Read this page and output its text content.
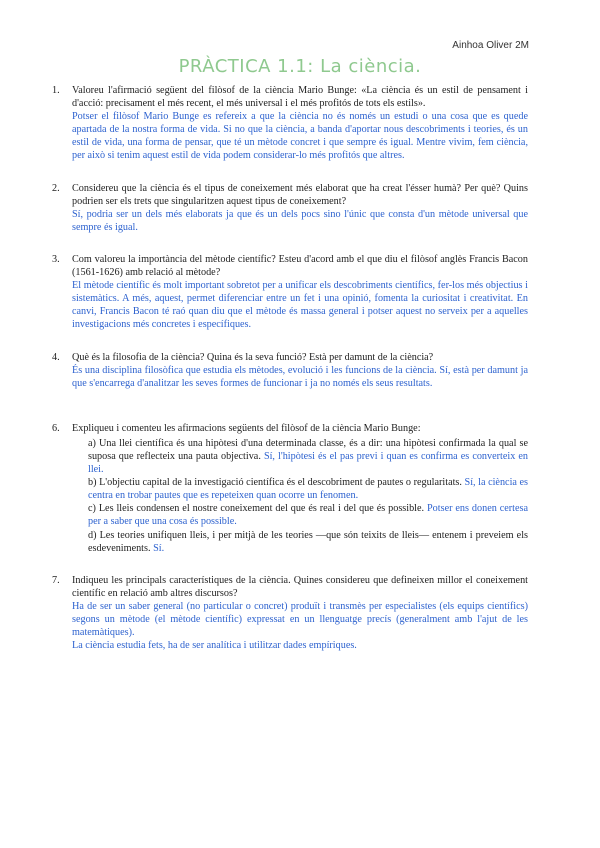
Ainhoa Oliver 2M
PRÀCTICA 1.1: La ciència.
1. Valoreu l'afirmació següent del filòsof de la ciència Mario Bunge: «La ciència és un estil de pensament i d'acció: precisament el més recent, el més universal i el més profitós de tots els estils».
Potser el filòsof Mario Bunge es refereix a que la ciència no és només un estudi o una cosa que es quede apartada de la nostra forma de vida. Si no que la ciència, a banda d'aportar nous descobriments i teories, és un estil de vida, una forma de pensar, que té un mètode concret i que sempre és igual. Mentre vivim, fem ciència, per això si tenim aquest estil de vida podem considerar-lo més profitós que altres.
2. Considereu que la ciència és el tipus de coneixement més elaborat que ha creat l'ésser humà? Per què? Quins podrien ser els trets que singularitzen aquest tipus de coneixement?
Sí, podria ser un dels més elaborats ja que és un dels pocs sino l'únic que consta d'un mètode universal que sempre és igual.
3. Com valoreu la importància del mètode científic? Esteu d'acord amb el que diu el filòsof anglès Francis Bacon (1561-1626) amb relació al mètode?
El mètode científic és molt important sobretot per a unificar els descobriments científics, fer-los més objectius i sistemàtics. A més, aquest, permet diferenciar entre un fet i una opinió, fomenta la curiositat i creativitat. En canvi, Francis Bacon té raó quan diu que el mètode és massa general i potser aquest no serveix per a aquelles investigacions més concretes i específiques.
4. Què és la filosofia de la ciència? Quina és la seva funció? Està per damunt de la ciència?
És una disciplina filosòfica que estudia els mètodes, evolució i les funcions de la ciència. Sí, està per damunt ja que s'encarrega d'analitzar les seves formes de funcionar i ja no només els seus resultats.
6. Expliqueu i comenteu les afirmacions següents del filòsof de la ciència Mario Bunge:
a) Una llei científica és una hipòtesi d'una determinada classe, és a dir: una hipòtesi confirmada la qual se suposa que reflecteix una pauta objectiva. Sí, l'hipòtesi és el pas previ i quan es confirma es converteix en llei.
b) L'objectiu capital de la investigació científica és el descobriment de pautes o regularitats. Sí, la ciència es centra en trobar pautes que es repeteixen quan ocorre un fenomen.
c) Les lleis condensen el nostre coneixement del que és real i del que és possible. Potser ens donen certesa per a saber que una cosa és possible.
d) Les teories unifiquen lleis, i per mitjà de les teories —que són teixits de lleis— entenem i preveiem els esdeveniments. Sí.
7. Indiqueu les principals característiques de la ciència. Quines considereu que defineixen millor el coneixement científic en relació amb altres discursos?
Ha de ser un saber general (no particular o concret) produït i transmès per especialistes (els equips científics) segons un mètode (el mètode científic) expressat en un llenguatge precís (generalment amb l'ajut de les matemàtiques).
La ciència estudia fets, ha de ser analítica i utilitzar dades empíriques.
